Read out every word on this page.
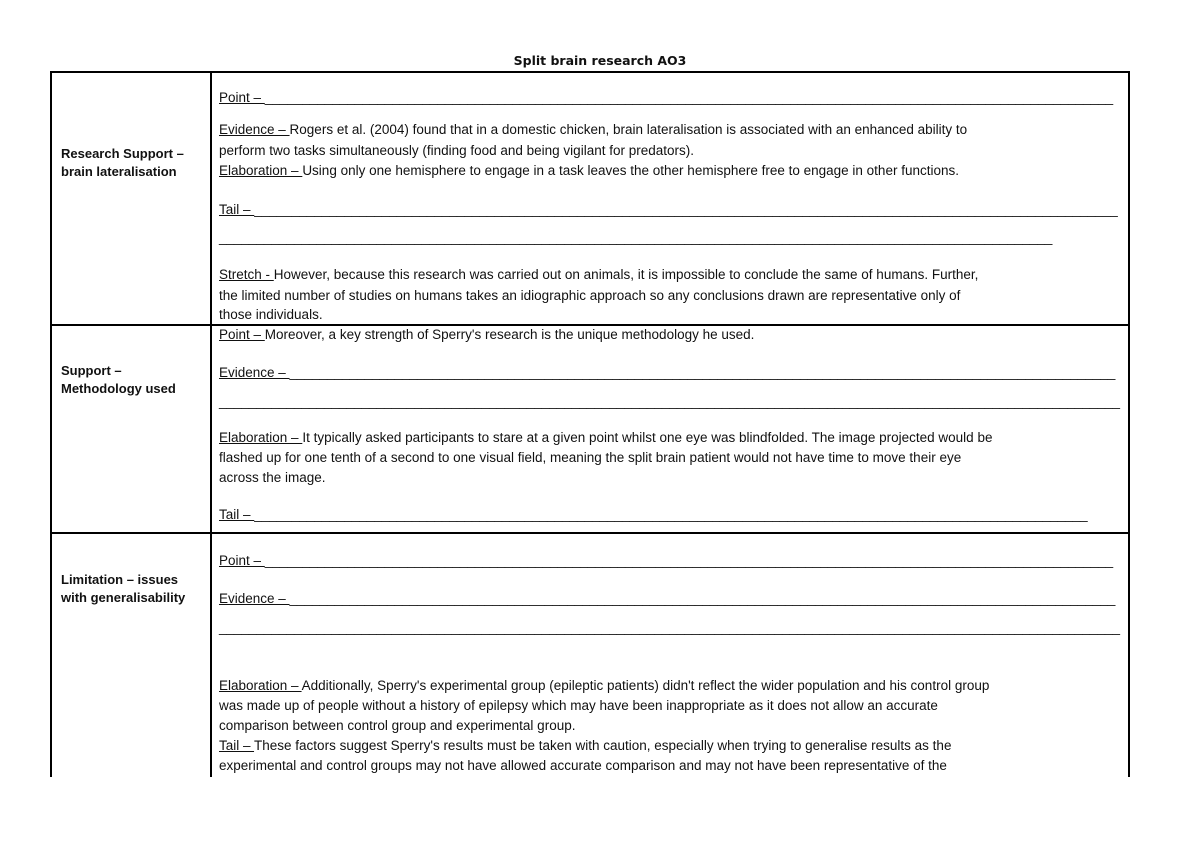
Split brain research AO3
Research Support – brain lateralisation
Point – _________________________________________________________________________________________________________________
Evidence – Rogers et al. (2004) found that in a domestic chicken, brain lateralisation is associated with an enhanced ability to
perform two tasks simultaneously (finding food and being vigilant for predators).
Elaboration – Using only one hemisphere to engage in a task leaves the other hemisphere free to engage in other functions.
Tail – ___________________________________________________________________________________________________________________
_______________________________________________________________________________________________________________
Stretch - However, because this research was carried out on animals, it is impossible to conclude the same of humans. Further,
the limited number of studies on humans takes an idiographic approach so any conclusions drawn are representative only of
those individuals.
Support – Methodology used
Point – Moreover, a key strength of Sperry's research is the unique methodology he used.
Evidence – ______________________________________________________________________________________________________________
________________________________________________________________________________________________________________________
Elaboration – It typically asked participants to stare at a given point whilst one eye was blindfolded. The image projected would be
flashed up for one tenth of a second to one visual field, meaning the split brain patient would not have time to move their eye
across the image.
Tail – _______________________________________________________________________________________________________________
Limitation – issues with generalisability
Point – _________________________________________________________________________________________________________________
Evidence – ______________________________________________________________________________________________________________
________________________________________________________________________________________________________________________
Elaboration – Additionally, Sperry's experimental group (epileptic patients) didn't reflect the wider population and his control group
was made up of people without a history of epilepsy which may have been inappropriate as it does not allow an accurate
comparison between control group and experimental group.
Tail – These factors suggest Sperry's results must be taken with caution, especially when trying to generalise results as the
experimental and control groups may not have allowed accurate comparison and may not have been representative of the
